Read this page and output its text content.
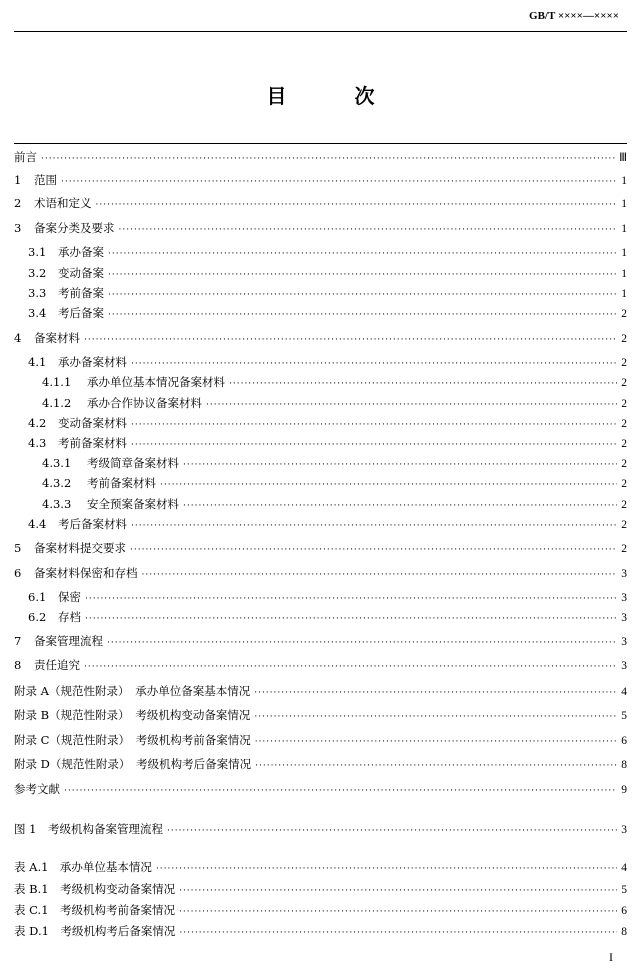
GB/T ××××—××××
目　次
前言 ·····	Ⅲ
1 范围 ·····	1
2 术语和定义 ·····	1
3 备案分类及要求 ·····	1
3.1 承办备案 ·····	1
3.2 变动备案 ·····	1
3.3 考前备案 ·····	1
3.4 考后备案 ·····	2
4 备案材料 ·····	2
4.1 承办备案材料 ·····	2
4.1.1 承办单位基本情况备案材料 ·····	2
4.1.2 承办合作协议备案材料 ·····	2
4.2 变动备案材料 ·····	2
4.3 考前备案材料 ·····	2
4.3.1 考级简章备案材料 ·····	2
4.3.2 考前备案材料 ·····	2
4.3.3 安全预案备案材料 ·····	2
4.4 考后备案材料 ·····	2
5 备案材料提交要求 ·····	2
6 备案材料保密和存档 ·····	3
6.1 保密 ·····	3
6.2 存档 ·····	3
7 备案管理流程 ·····	3
8 责任追究 ·····	3
附录 A（规范性附录）　承办单位备案基本情况 ·····	4
附录 B（规范性附录）　考级机构变动备案情况 ·····	5
附录 C（规范性附录）　考级机构考前备案情况 ·····	6
附录 D（规范性附录）　考级机构考后备案情况 ·····	8
参考文献 ·····	9
图 1　考级机构备案管理流程 ·····	3
表 A.1　承办单位基本情况 ·····	4
表 B.1　考级机构变动备案情况 ·····	5
表 C.1　考级机构考前备案情况 ·····	6
表 D.1　考级机构考后备案情况 ·····	8
I
